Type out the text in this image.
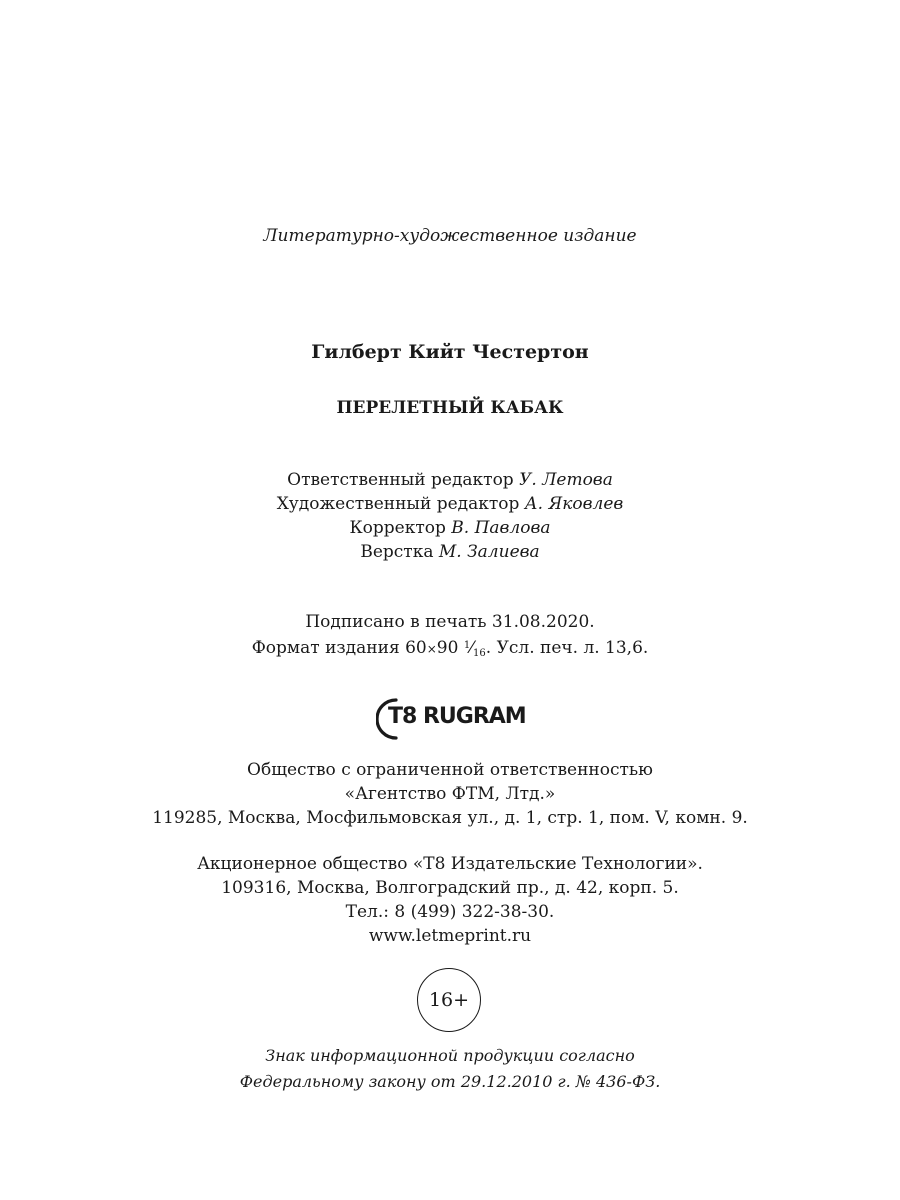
Литературно-художественное издание
Гилберт Кийт Честертон
ПЕРЕЛЕТНЫЙ КАБАК
Ответственный редактор У. Летова
Художественный редактор А. Яковлев
Корректор В. Павлова
Верстка М. Залиева
Подписано в печать 31.08.2020.
Формат издания 60×90 $^1⁄_{16}$. Усл. печ. л. 13,6.
T8 RUGRAM
Общество с ограниченной ответственностью
«Агентство ФТМ, Лтд.»
119285, Москва, Мосфильмовская ул., д. 1, стр. 1, пом. V, комн. 9.
Акционерное общество «Т8 Издательские Технологии».
109316, Москва, Волгоградский пр., д. 42, корп. 5.
Тел.: 8 (499) 322-38-30.
www.letmeprint.ru
16+
Знак информационной продукции согласно
Федеральному закону от 29.12.2010 г. № 436-ФЗ.
